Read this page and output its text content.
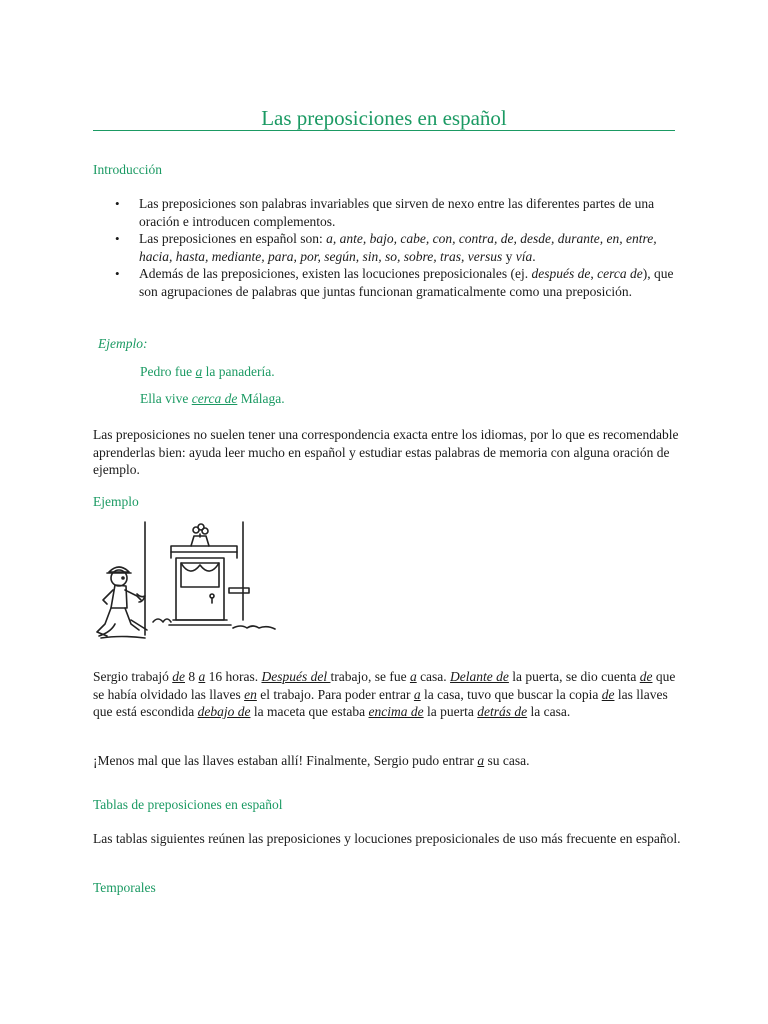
Las preposiciones en español

Introducción

• Las preposiciones son palabras invariables que sirven de nexo entre las diferentes partes de una oración e introducen complementos.
• Las preposiciones en español son: a, ante, bajo, cabe, con, contra, de, desde, durante, en, entre, hacia, hasta, mediante, para, por, según, sin, so, sobre, tras, versus y vía.
• Además de las preposiciones, existen las locuciones preposicionales (ej. después de, cerca de), que son agrupaciones de palabras que juntas funcionan gramaticalmente como una preposición.

Ejemplo:

Pedro fue a la panadería.

Ella vive cerca de Málaga.

Las preposiciones no suelen tener una correspondencia exacta entre los idiomas, por lo que es recomendable aprenderlas bien: ayuda leer mucho en español y estudiar estas palabras de memoria con alguna oración de ejemplo.

Ejemplo

Sergio trabajó de 8 a 16 horas. Después del trabajo, se fue a casa. Delante de la puerta, se dio cuenta de que se había olvidado las llaves en el trabajo. Para poder entrar a la casa, tuvo que buscar la copia de las llaves que está escondida debajo de la maceta que estaba encima de la puerta detrás de la casa.

¡Menos mal que las llaves estaban allí! Finalmente, Sergio pudo entrar a su casa.

Tablas de preposiciones en español

Las tablas siguientes reúnen las preposiciones y locuciones preposicionales de uso más frecuente en español.

Temporales
